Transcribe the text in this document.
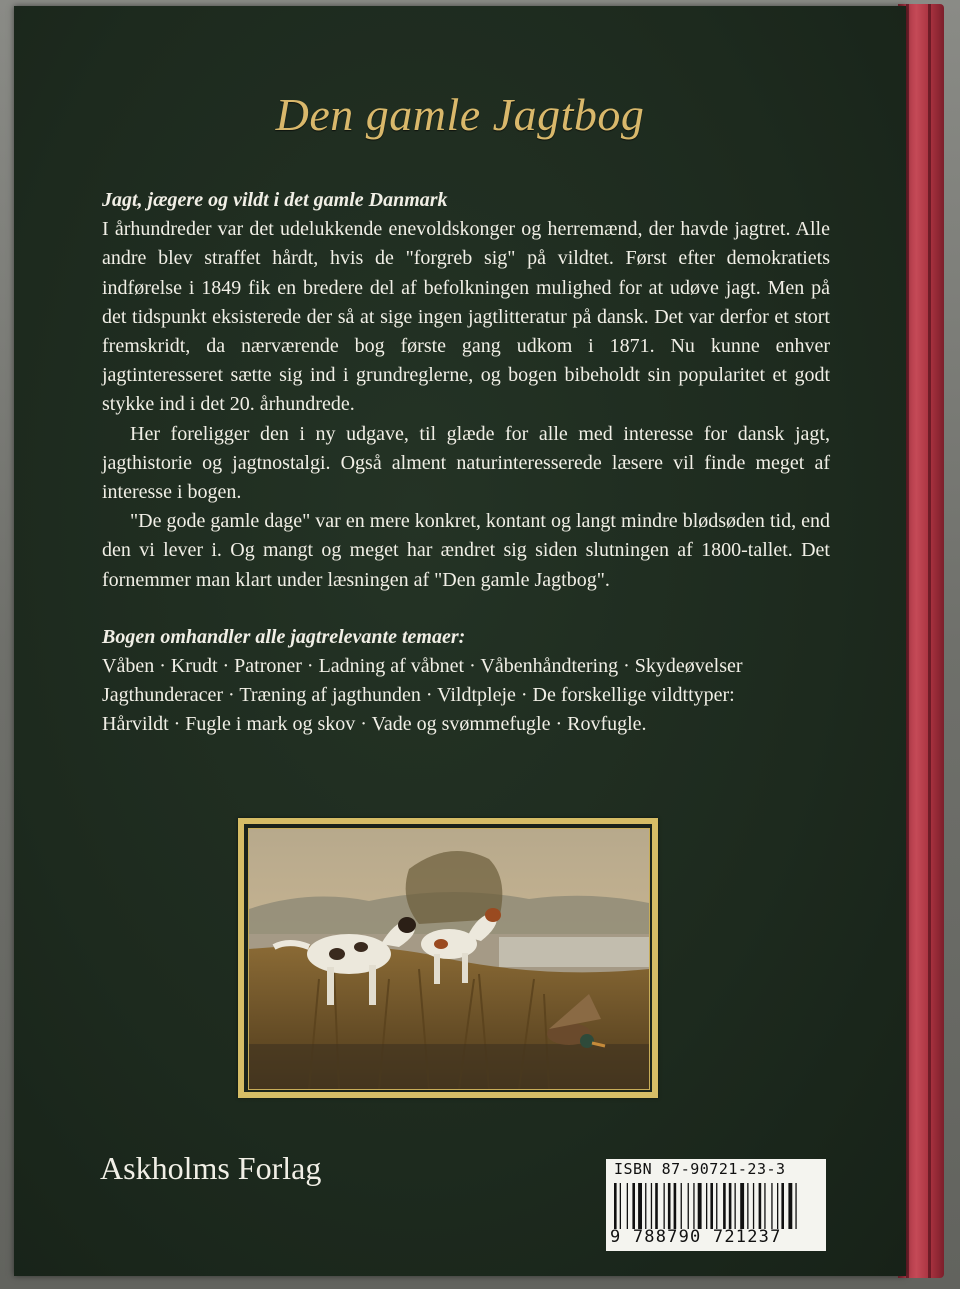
Den gamle Jagtbog

Jagt, jægere og vildt i det gamle Danmark

I århundreder var det udelukkende enevoldskonger og herremænd, der havde jagtret. Alle andre blev straffet hårdt, hvis de "forgreb sig" på vildtet. Først efter demokratiets indførelse i 1849 fik en bredere del af befolkningen mulighed for at udøve jagt. Men på det tidspunkt eksisterede der så at sige ingen jagtlitteratur på dansk. Det var derfor et stort fremskridt, da nærværende bog første gang udkom i 1871. Nu kunne enhver jagtinteresseret sætte sig ind i grundreglerne, og bogen bibeholdt sin popularitet et godt stykke ind i det 20. århundrede.

Her foreligger den i ny udgave, til glæde for alle med interesse for dansk jagt, jagthistorie og jagtnostalgi. Også alment naturinteresserede læsere vil finde meget af interesse i bogen.

"De gode gamle dage" var en mere konkret, kontant og langt mindre blødsøden tid, end den vi lever i. Og mangt og meget har ændret sig siden slutningen af 1800-tallet. Det fornemmer man klart under læsningen af "Den gamle Jagtbog".

Bogen omhandler alle jagtrelevante temaer:

Våben · Krudt · Patroner · Ladning af våbnet · Våbenhåndtering · Skydeøvelser
Jagthunderacer · Træning af jagthunden · Vildtpleje · De forskellige vildttyper:
Hårvildt · Fugle i mark og skov · Vade og svømmefugle · Rovfugle.
Askholms Forlag	ISBN 87-90721-23-3
9 788790 721237
